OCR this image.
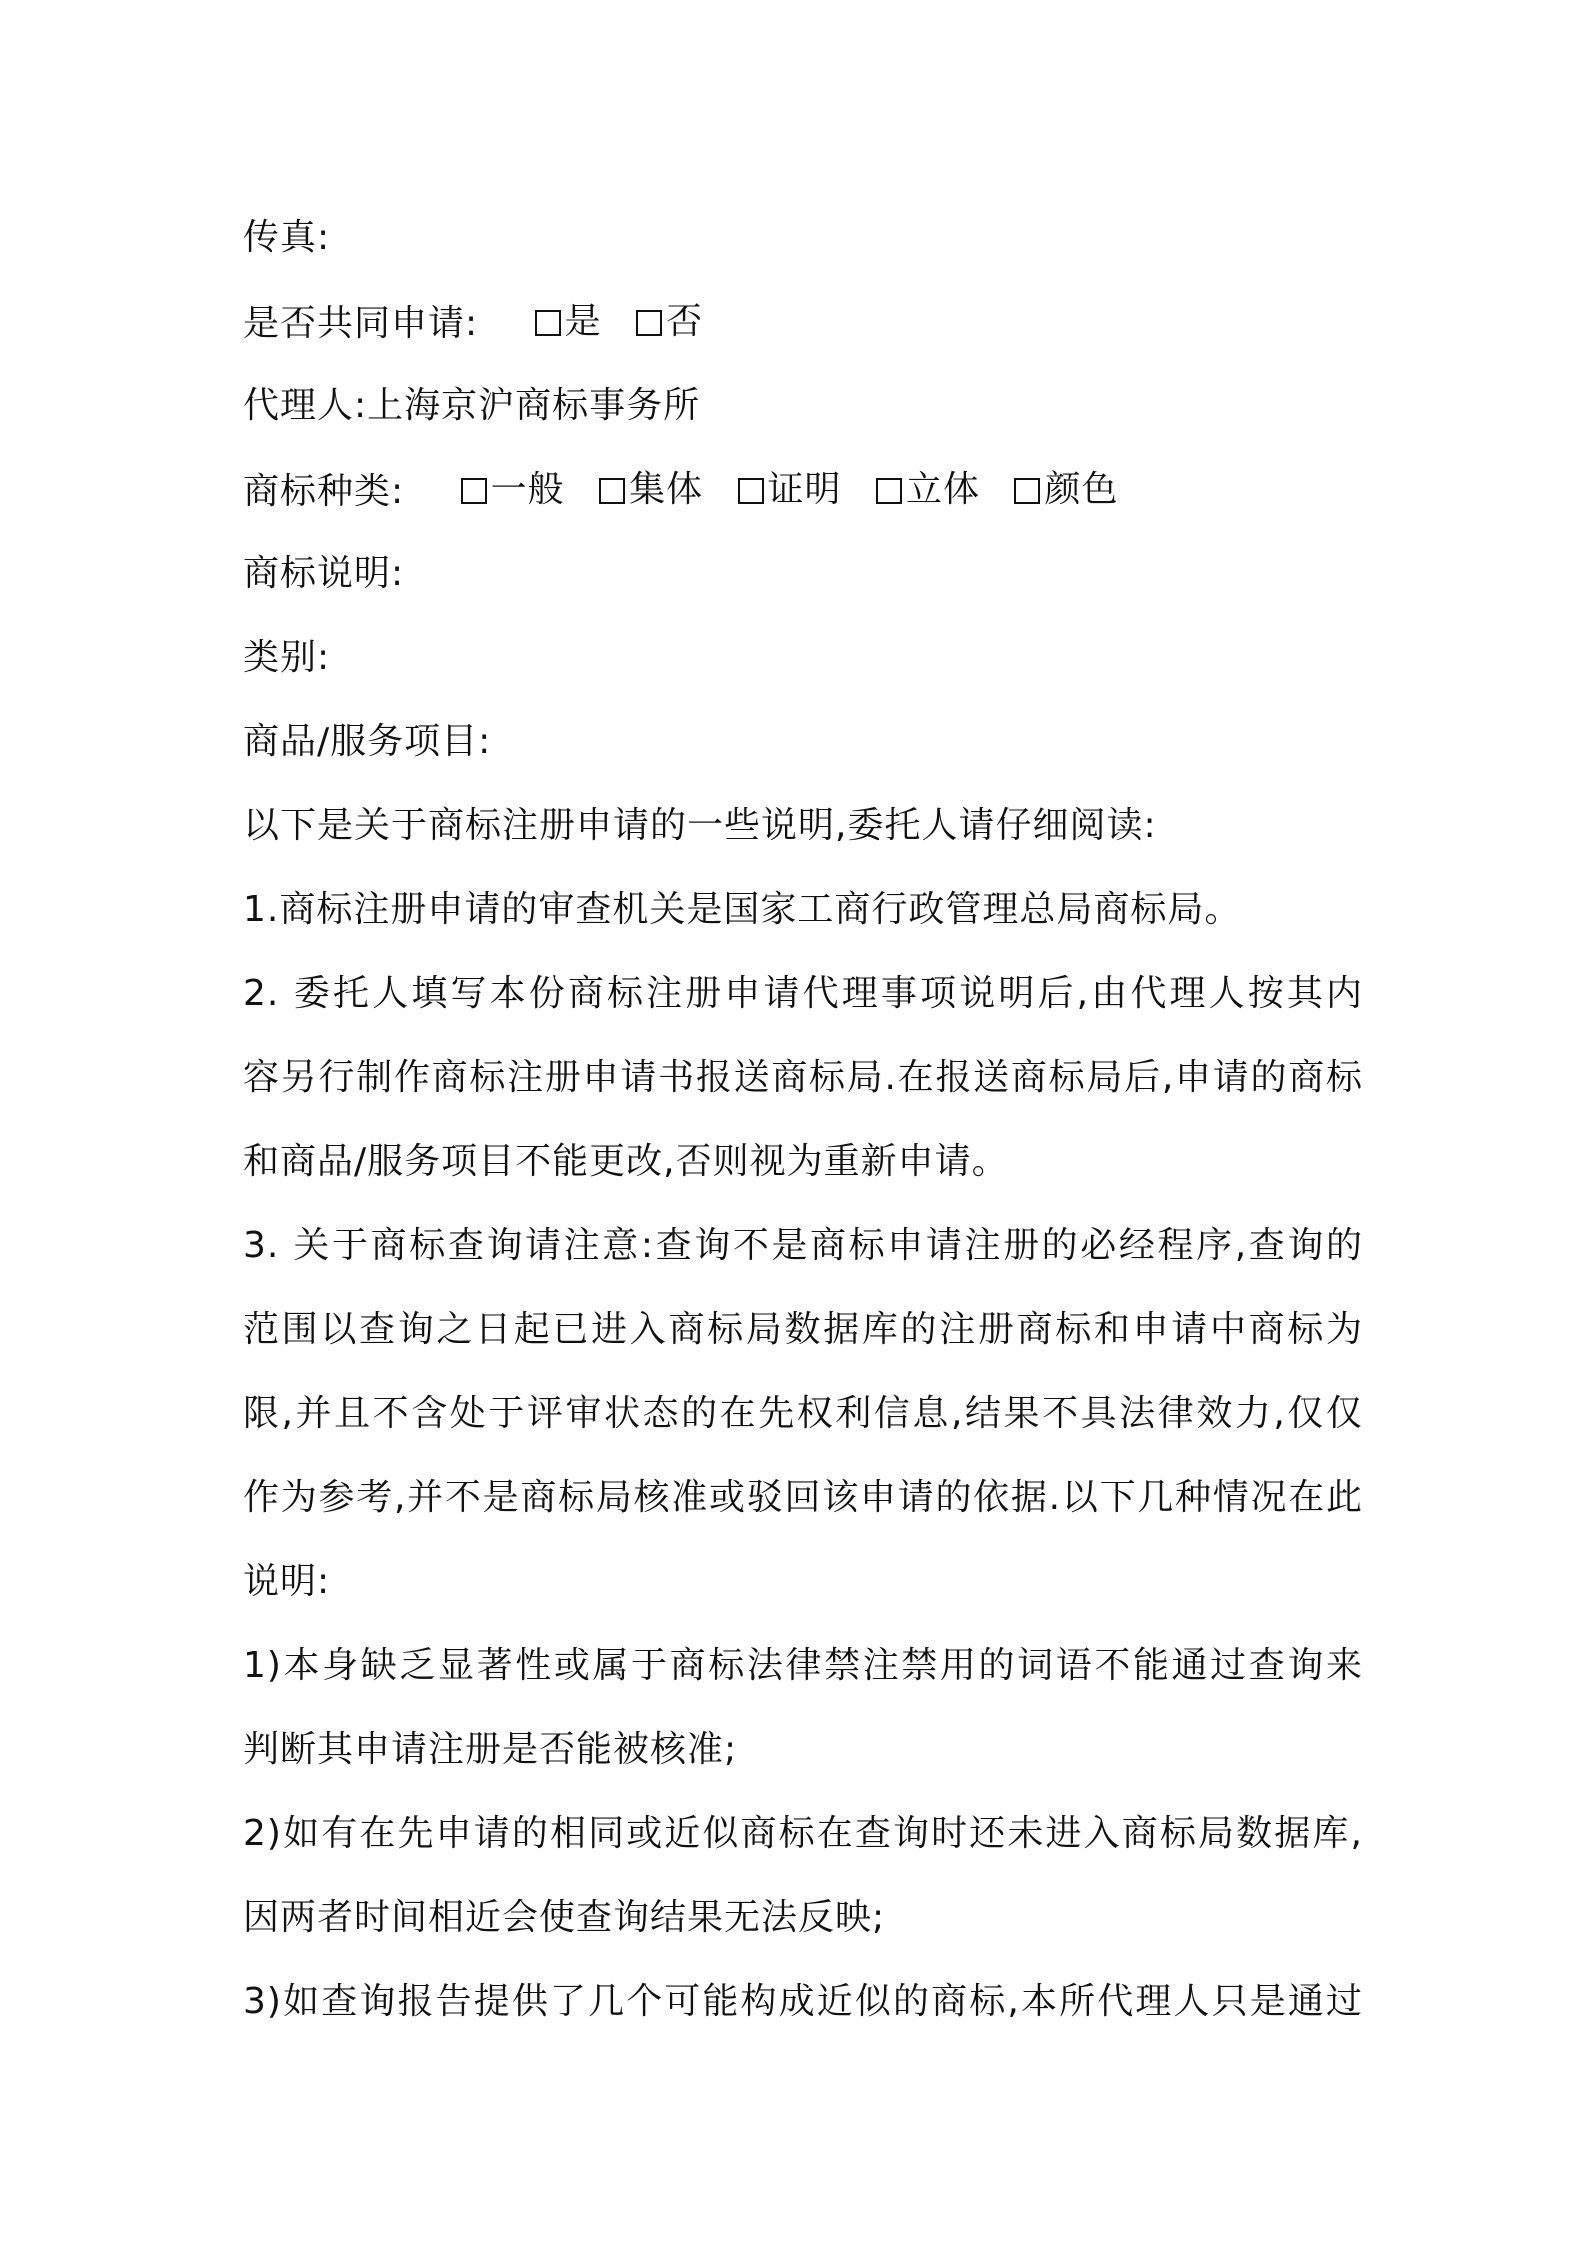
传真:
是否共同申请: 是
否
代理人:上海京沪商标事务所
商标种类: 一般
集体
证明
立体
颜色
商标说明:
类别:
商品/服务项目:
以下是关于商标注册申请的一些说明,委托人请仔细阅读:
1.商标注册申请的审查机关是国家工商行政管理总局商标局。
2. 委托人填写本份商标注册申请代理事项说明后,由代理人按其内
容另行制作商标注册申请书报送商标局.在报送商标局后,申请的商标
和商品/服务项目不能更改,否则视为重新申请。
3. 关于商标查询请注意:查询不是商标申请注册的必经程序,查询的
范围以查询之日起已进入商标局数据库的注册商标和申请中商标为
限,并且不含处于评审状态的在先权利信息,结果不具法律效力,仅仅
作为参考,并不是商标局核准或驳回该申请的依据.以下几种情况在此
说明:
1)本身缺乏显著性或属于商标法律禁注禁用的词语不能通过查询来
判断其申请注册是否能被核准;
2)如有在先申请的相同或近似商标在查询时还未进入商标局数据库,
因两者时间相近会使查询结果无法反映;
3)如查询报告提供了几个可能构成近似的商标,本所代理人只是通过
